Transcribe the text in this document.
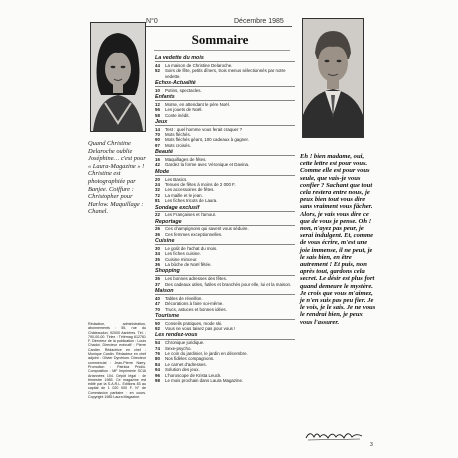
N°0	Décembre 1985
Quand Christine Delaroche oublie Joséphine… c'est pour « Laura-Magazine » ! Christine est photographiée par Banjee. Coiffure : Christopher pour Harlow. Maquillage : Chanel.
Rédaction, administration, abonnements : 55, rue du Châteaudun, 92000 Asnières. Tél. : 790-00-00. Télex : Télémag 612761 F. Directeur de la publication : Louis Chadot. Directeur exécutif : Pierre Cardier. Rédactrice en chef : Monique Cardin. Rédacteur en chef adjoint : Olivier Dyrchlom. Directeur commercial : Jean-Pierre Narry. Promotion : Patricia Priollo. Composition : MF Imprimerie SCIA Artannées 104. Dépôt légal : 4e trimestre 1985. Ce magazine est édité par la S.A.R.L. Editions 83 au capital de 1 020 000 F. N° de Commission paritaire : en cours. Copyright 1985 Laura Magazine.
Sommaire
La vedette du mois
44	La maison de Christine Delaroche.
52	Soirs de fête, petits dîners, trois menus sélectionnés par notre vedette.
Echos-Actualité
10	Potins, spectacles.
Enfants
12	Moïse, en attendant le père Noël.
56	Les jouets de Noël.
58	Conte inédit.
Jeux
14	Test : quel homme vous ferait craquer ?
70	Mots fléchés.
90	Mots fléchés géant, 100 cadeaux à gagner.
97	Mots croisés.
Beauté
16	Maquillages de fêtes.
42	Gardez la forme avec Véronique et Davina.
Mode
20	Les Basics.
24	Tenues de fêtes à moins de 2 000 F.
32	Les accessoires de fêtes.
72	La maille et le jean.
81	Les fiches tricots de Laura.
Sondage exclusif
22	Les Françaises et l'amour.
Reportage
26	Ces champignons qui savent vous séduire.
36	Ces femmes exceptionnelles.
Cuisine
30	Le goût de l'achat du mois.
34	Les fiches cuisine.
35	Cuisine minceur.
36	La bûche de Noël fêtée.
Shopping
36	Les bonnes adresses des fêtes.
37	Des cadeaux utiles, futiles et branchés pour elle, lui et la maison.
Maison
40	Tables de réveillon.
47	Décorations à faire soi-même.
70	Trucs, astuces et bonnes idées.
Tourisme
50	Conseils pratiques, mode ski.
92	Vous ne vous taisez pas pour vous !
Les rendez-vous
54	Chronique juridique.
74	Sexe-psycho.
76	Le coin du jardinier, le jardin en décembre.
80	Nos fidèles compagnons.
84	Le carnet d'adresses.
94	Solution des jeux.
96	L'horoscope de Krista Leuck.
98	Le mois prochain dans Laura Magazine.
Eh ! bien madame, oui, cette lettre est pour vous. Comme elle est pour vous seule, que vais-je vous confier ? Sachant que tout cela restera entre nous, je peux bien tout vous dire sans vraiment vous fâcher. Alors, je vais vous dire ce que de vous je pense. Oh ! non, n'ayez pas peur, je serai indulgent. Et, comme de vous écrire, m'est une joie immense, il ne peut, je le sais bien, en être autrement ! Et puis, non après tout, gardons cela secret. Le désir est plus fort quand demeure le mystère. Je crois que vous m'aimez, je n'en suis pas peu fier. Je le vois, je le sais. Je ne vous le rendrai bien, je peux vous l'assurer.
3
